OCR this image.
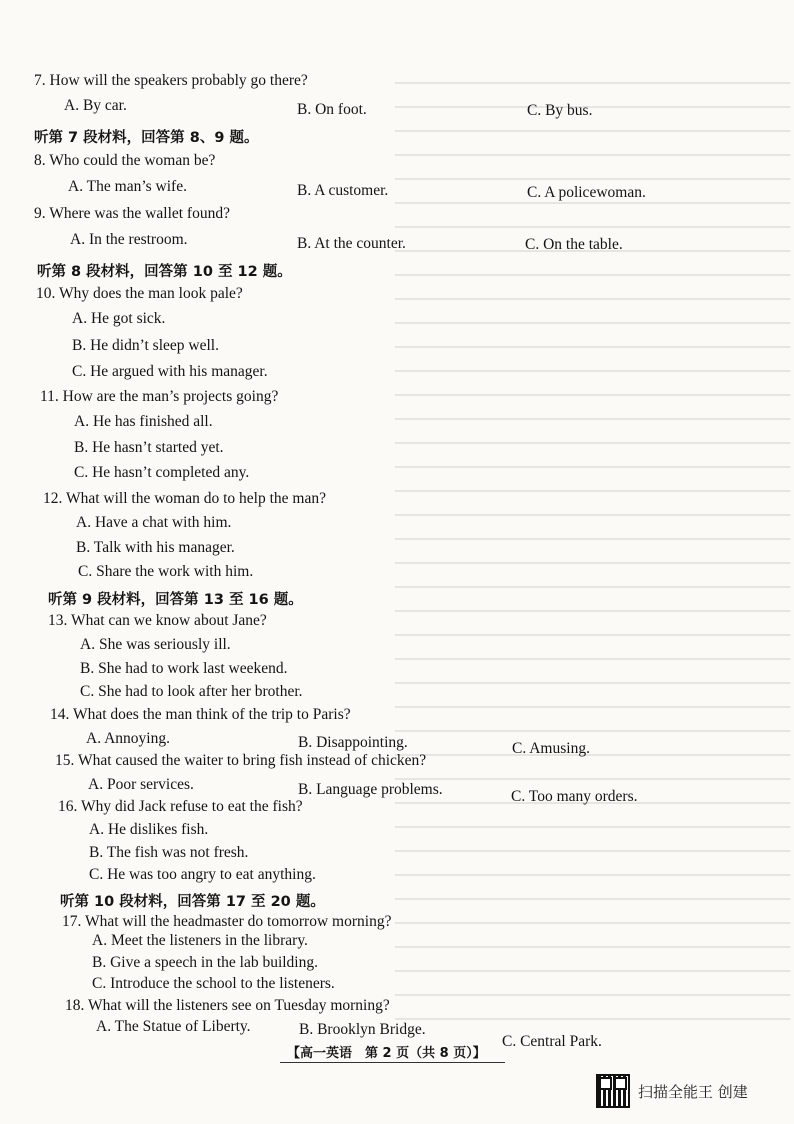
7. How will the speakers probably go there?
A. By car.	B. On foot.	C. By bus.
听第 7 段材料，回答第 8、9 题。
8. Who could the woman be?
A. The man’s wife.	B. A customer.	C. A policewoman.
9. Where was the wallet found?
A. In the restroom.	B. At the counter.	C. On the table.
听第 8 段材料，回答第 10 至 12 题。
10. Why does the man look pale?
A. He got sick.
B. He didn’t sleep well.
C. He argued with his manager.
11. How are the man’s projects going?
A. He has finished all.
B. He hasn’t started yet.
C. He hasn’t completed any.
12. What will the woman do to help the man?
A. Have a chat with him.
B. Talk with his manager.
C. Share the work with him.
听第 9 段材料，回答第 13 至 16 题。
13. What can we know about Jane?
A. She was seriously ill.
B. She had to work last weekend.
C. She had to look after her brother.
14. What does the man think of the trip to Paris?
A. Annoying.	B. Disappointing.	C. Amusing.
15. What caused the waiter to bring fish instead of chicken?
A. Poor services.	B. Language problems.	C. Too many orders.
16. Why did Jack refuse to eat the fish?
A. He dislikes fish.
B. The fish was not fresh.
C. He was too angry to eat anything.
听第 10 段材料，回答第 17 至 20 题。
17. What will the headmaster do tomorrow morning?
A. Meet the listeners in the library.
B. Give a speech in the lab building.
C. Introduce the school to the listeners.
18. What will the listeners see on Tuesday morning?
A. The Statue of Liberty.	B. Brooklyn Bridge.
C. Central Park.
【高一英语　第 2 页（共 8 页）】
扫描全能王 创建
